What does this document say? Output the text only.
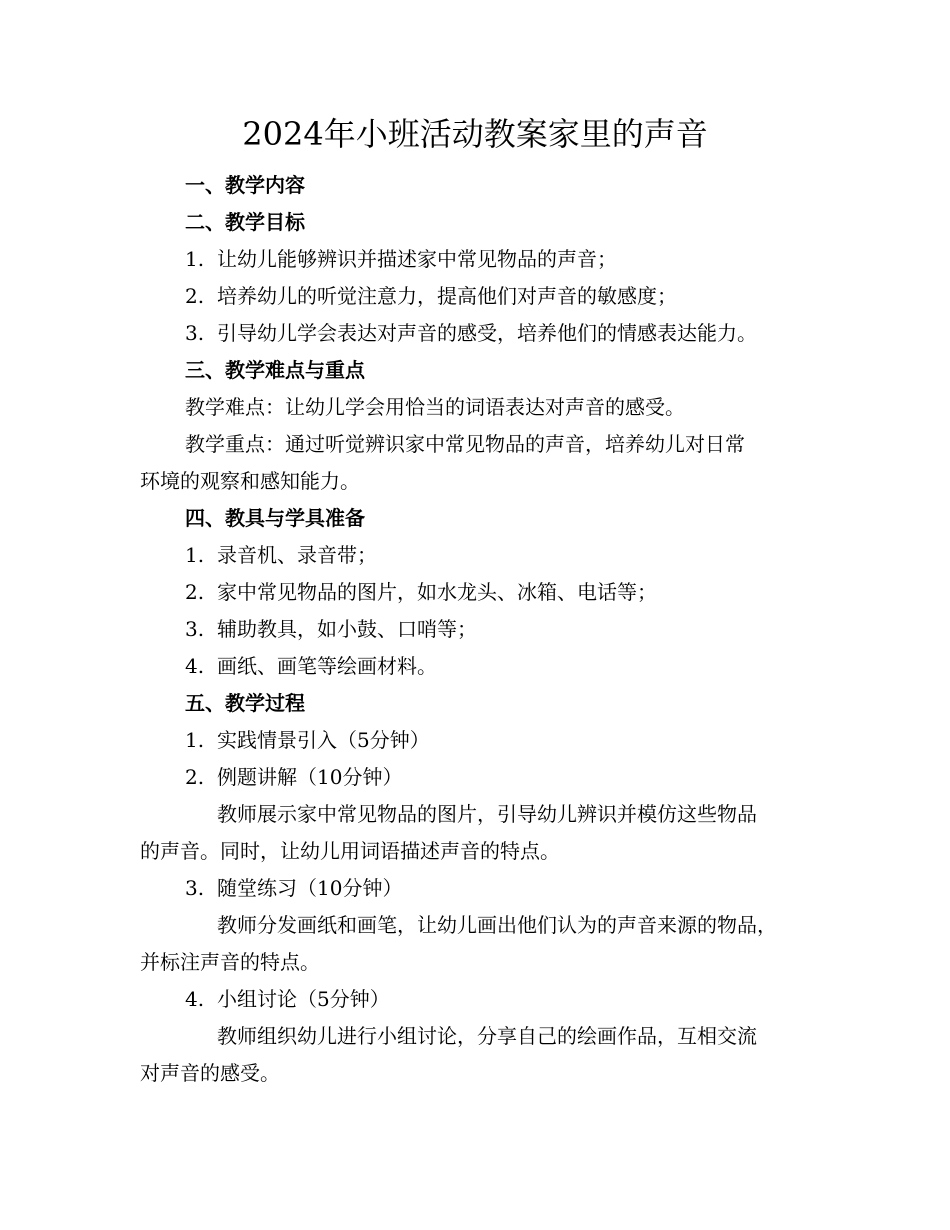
2024年小班活动教案家里的声音
一、教学内容
二、教学目标
1. 让幼儿能够辨识并描述家中常见物品的声音；
2. 培养幼儿的听觉注意力，提高他们对声音的敏感度；
3. 引导幼儿学会表达对声音的感受，培养他们的情感表达能力。
三、教学难点与重点
教学难点：让幼儿学会用恰当的词语表达对声音的感受。
教学重点：通过听觉辨识家中常见物品的声音，培养幼儿对日常
环境的观察和感知能力。
四、教具与学具准备
1. 录音机、录音带；
2. 家中常见物品的图片，如水龙头、冰箱、电话等；
3. 辅助教具，如小鼓、口哨等；
4. 画纸、画笔等绘画材料。
五、教学过程
1. 实践情景引入（5分钟）
2. 例题讲解（10分钟）
教师展示家中常见物品的图片，引导幼儿辨识并模仿这些物品
的声音。同时，让幼儿用词语描述声音的特点。
3. 随堂练习（10分钟）
教师分发画纸和画笔，让幼儿画出他们认为的声音来源的物品，
并标注声音的特点。
4. 小组讨论（5分钟）
教师组织幼儿进行小组讨论，分享自己的绘画作品，互相交流
对声音的感受。
